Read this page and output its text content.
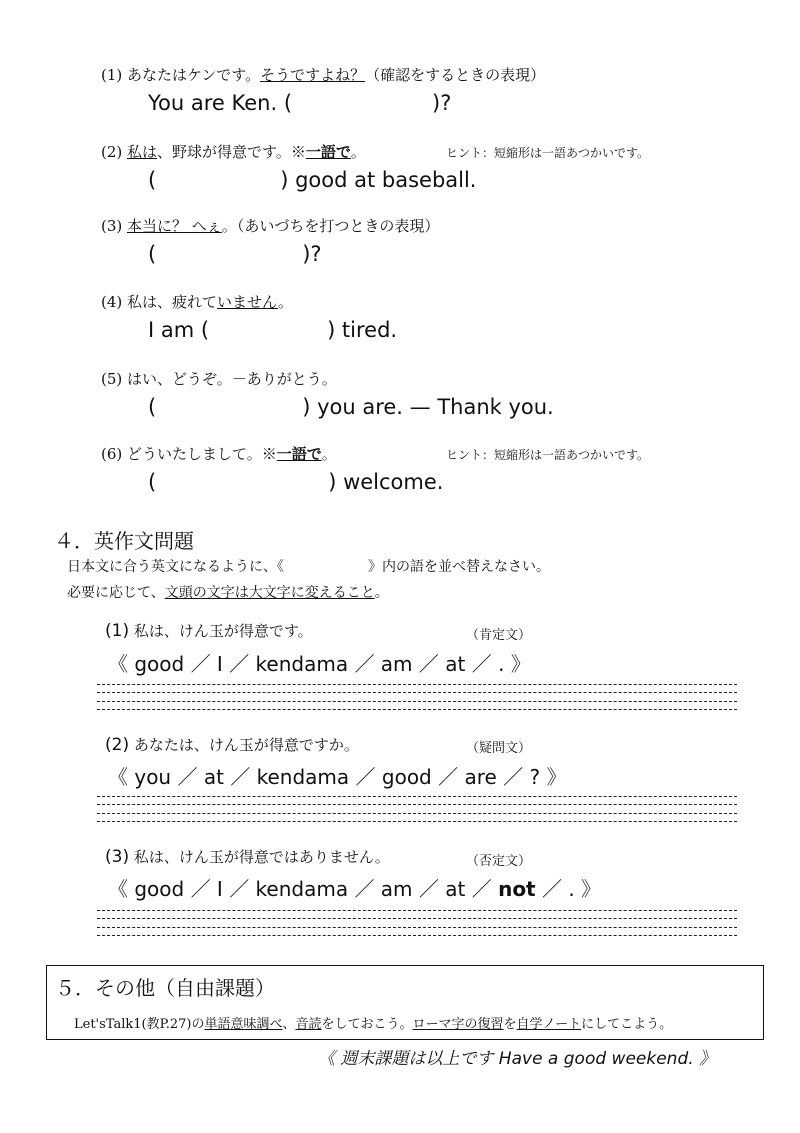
(1) あなたはケンです。そうですよね？（確認をするときの表現）
You are Ken. (	)?
(2) 私は、野球が得意です。※一語で。	ヒント：短縮形は一語あつかいです。
(	) good at baseball.
(3) 本当に？ へぇ。（あいづちを打つときの表現）
(	)?
(4) 私は、疲れていません。
I am (	) tired.
(5) はい、どうぞ。－ありがとう。
(	) you are. — Thank you.
(6) どういたしまして。※一語で。	ヒント：短縮形は一語あつかいです。
(	) welcome.
４．英作文問題
日本文に合う英文になるように、《	》内の語を並べ替えなさい。
必要に応じて、文頭の文字は大文字に変えること。
(1) 私は、けん玉が得意です。	（肯定文）
《 good ／ I ／ kendama ／ am ／ at ／ . 》
(2) あなたは、けん玉が得意ですか。	（疑問文）
《 you ／ at ／ kendama ／ good ／ are ／ ? 》
(3) 私は、けん玉が得意ではありません。	（否定文）
《 good ／ I ／ kendama ／ am ／ at ／ not ／ . 》
５．その他（自由課題）
Let'sTalk1(教P.27)の単語意味調べ、音読をしておこう。ローマ字の復習を自学ノートにしてこよう。
《 週末課題は以上です Have a good weekend. 》
